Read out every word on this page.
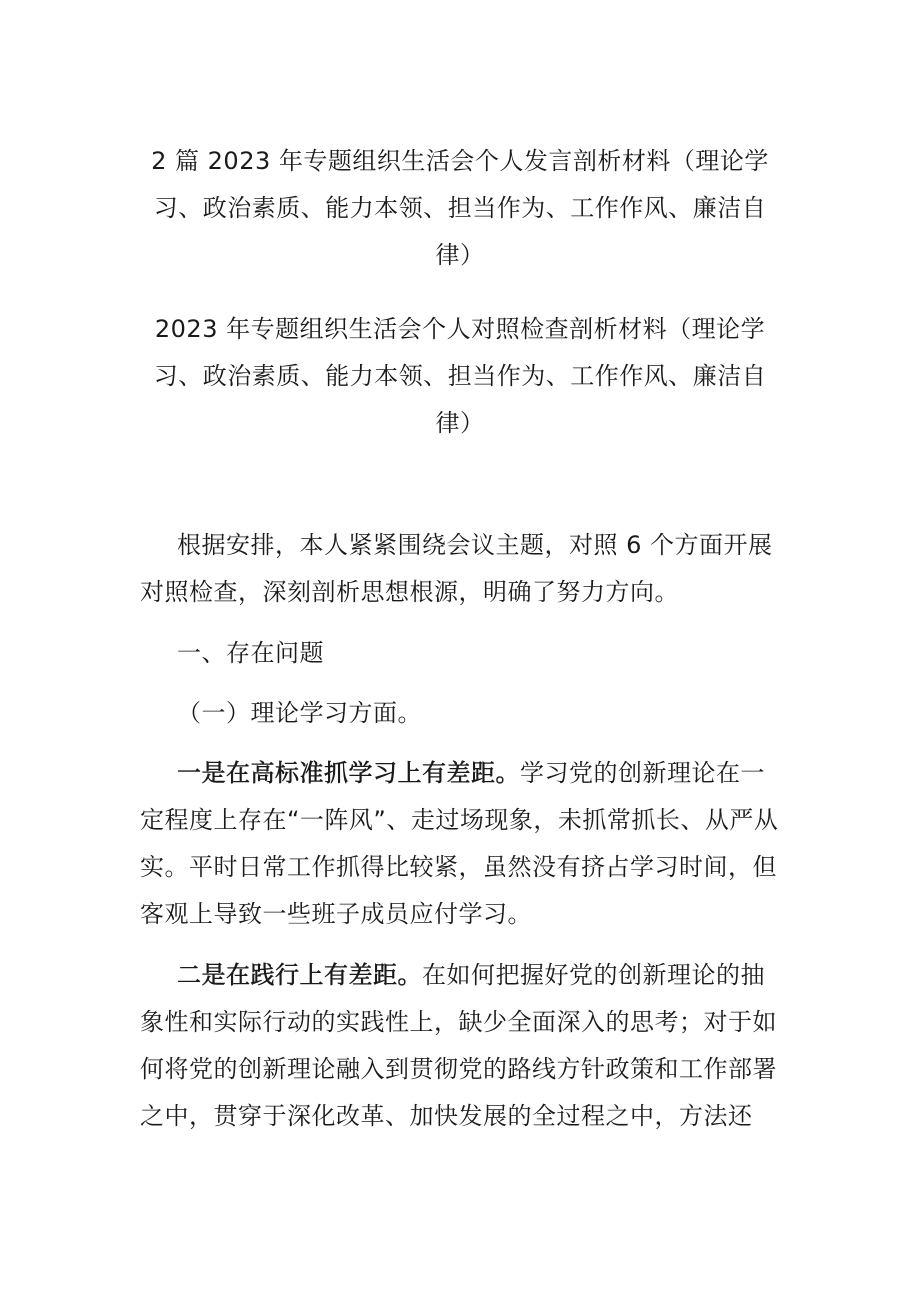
2 篇 2023 年专题组织生活会个人发言剖析材料（理论学习、政治素质、能力本领、担当作为、工作作风、廉洁自律）
2023 年专题组织生活会个人对照检查剖析材料（理论学习、政治素质、能力本领、担当作为、工作作风、廉洁自律）
根据安排，本人紧紧围绕会议主题，对照 6 个方面开展对照检查，深刻剖析思想根源，明确了努力方向。
一、存在问题
（一）理论学习方面。
一是在高标准抓学习上有差距。学习党的创新理论在一定程度上存在“一阵风”、走过场现象，未抓常抓长、从严从实。平时日常工作抓得比较紧，虽然没有挤占学习时间，但客观上导致一些班子成员应付学习。
二是在践行上有差距。在如何把握好党的创新理论的抽象性和实际行动的实践性上，缺少全面深入的思考；对于如何将党的创新理论融入到贯彻党的路线方针政策和工作部署之中，贯穿于深化改革、加快发展的全过程之中，方法还
